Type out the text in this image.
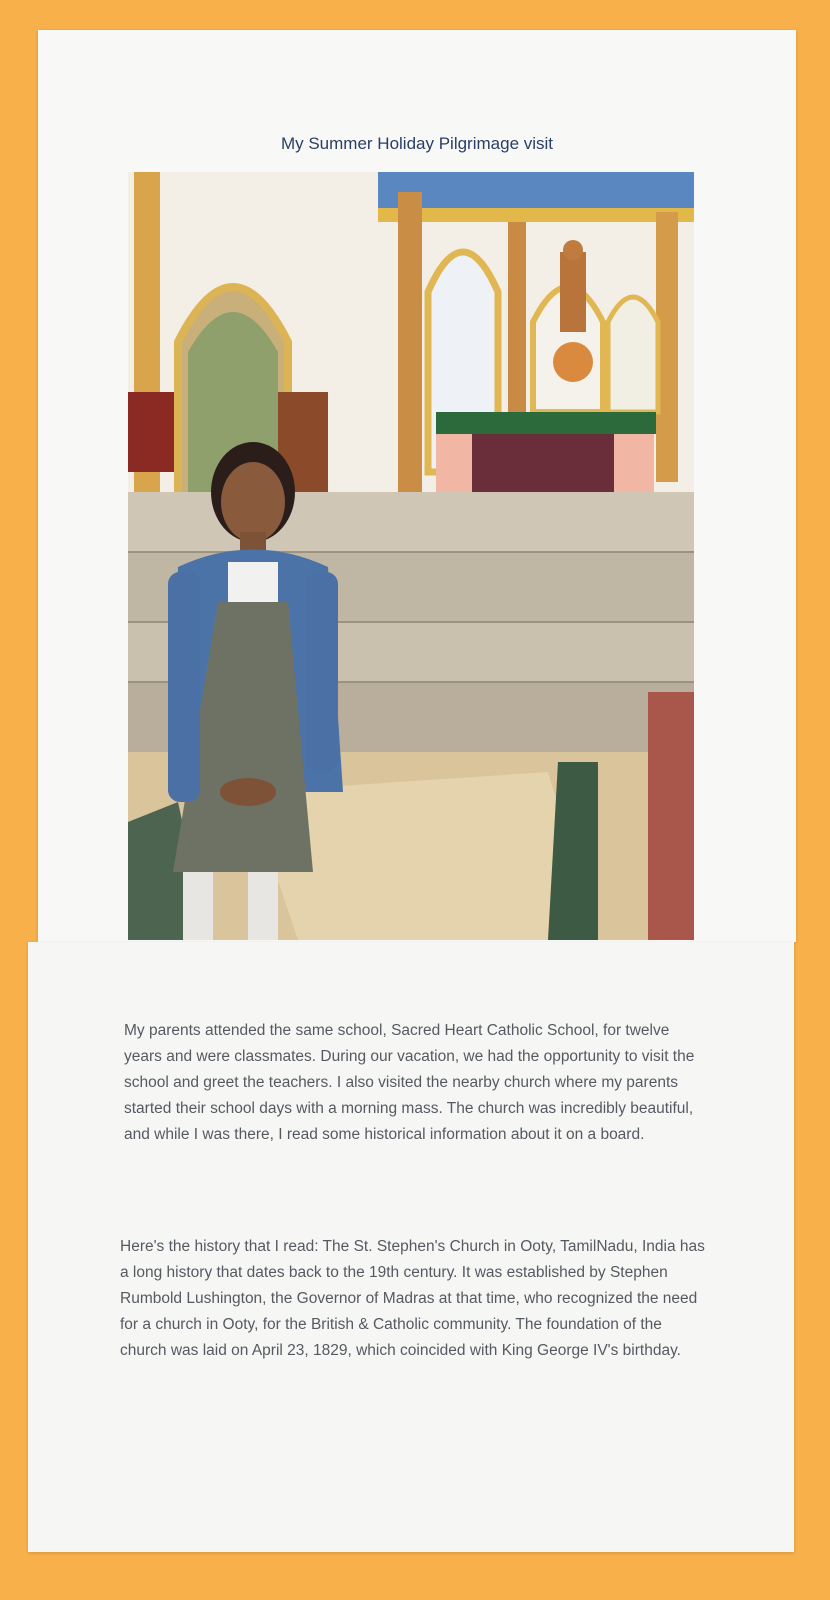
My Summer Holiday Pilgrimage visit

My parents attended the same school, Sacred Heart Catholic School, for twelve years and were classmates. During our vacation, we had the opportunity to visit the school and greet the teachers. I also visited the nearby church where my parents started their school days with a morning mass. The church was incredibly beautiful, and while I was there, I read some historical information about it on a board.

Here's the history that I read: The St. Stephen's Church in Ooty, TamilNadu, India has a long history that dates back to the 19th century. It was established by Stephen Rumbold Lushington, the Governor of Madras at that time, who recognized the need for a church in Ooty, for the British & Catholic community. The foundation of the church was laid on April 23, 1829, which coincided with King George IV's birthday.
